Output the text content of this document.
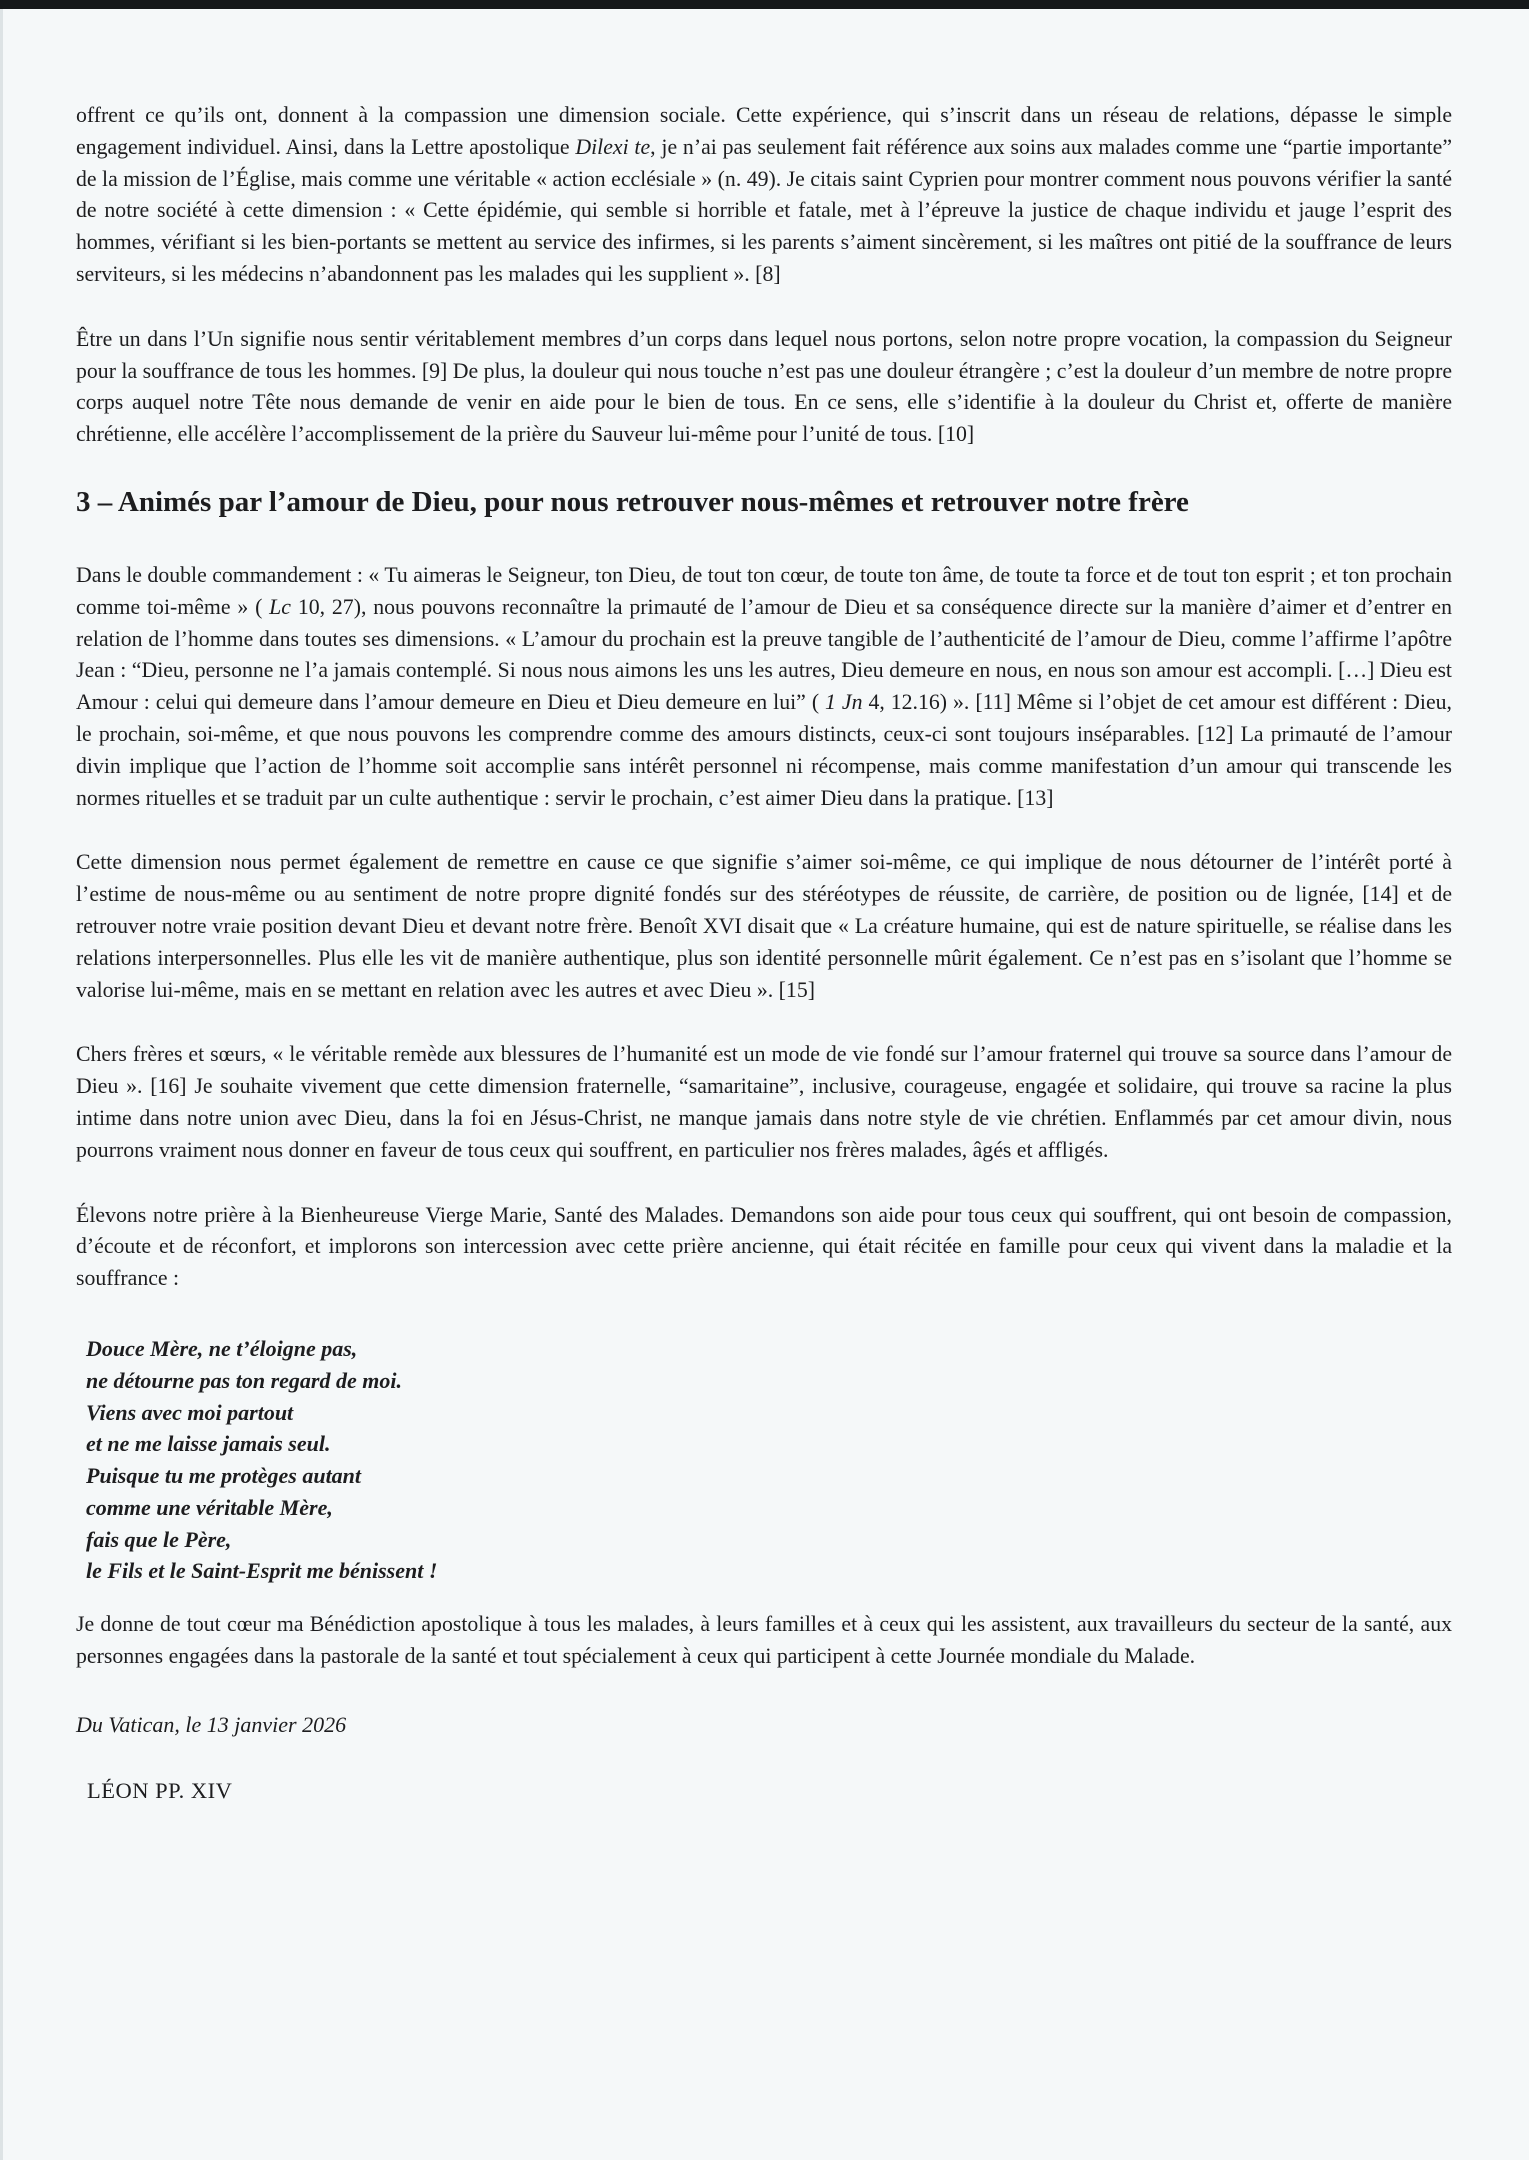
offrent ce qu’ils ont, donnent à la compassion une dimension sociale. Cette expérience, qui s’inscrit dans un réseau de relations, dépasse le simple engagement individuel. Ainsi, dans la Lettre apostolique Dilexi te, je n’ai pas seulement fait référence aux soins aux malades comme une “partie importante” de la mission de l’Église, mais comme une véritable « action ecclésiale » (n. 49). Je citais saint Cyprien pour montrer comment nous pouvons vérifier la santé de notre société à cette dimension : « Cette épidémie, qui semble si horrible et fatale, met à l’épreuve la justice de chaque individu et jauge l’esprit des hommes, vérifiant si les bien-portants se mettent au service des infirmes, si les parents s’aiment sincèrement, si les maîtres ont pitié de la souffrance de leurs serviteurs, si les médecins n’abandonnent pas les malades qui les supplient ». [8]

Être un dans l’Un signifie nous sentir véritablement membres d’un corps dans lequel nous portons, selon notre propre vocation, la compassion du Seigneur pour la souffrance de tous les hommes. [9] De plus, la douleur qui nous touche n’est pas une douleur étrangère ; c’est la douleur d’un membre de notre propre corps auquel notre Tête nous demande de venir en aide pour le bien de tous. En ce sens, elle s’identifie à la douleur du Christ et, offerte de manière chrétienne, elle accélère l’accomplissement de la prière du Sauveur lui-même pour l’unité de tous. [10]

3 – Animés par l’amour de Dieu, pour nous retrouver nous-mêmes et retrouver notre frère

Dans le double commandement : « Tu aimeras le Seigneur, ton Dieu, de tout ton cœur, de toute ton âme, de toute ta force et de tout ton esprit ; et ton prochain comme toi-même » ( Lc 10, 27), nous pouvons reconnaître la primauté de l’amour de Dieu et sa conséquence directe sur la manière d’aimer et d’entrer en relation de l’homme dans toutes ses dimensions. « L’amour du prochain est la preuve tangible de l’authenticité de l’amour de Dieu, comme l’affirme l’apôtre Jean : “Dieu, personne ne l’a jamais contemplé. Si nous nous aimons les uns les autres, Dieu demeure en nous, en nous son amour est accompli. […] Dieu est Amour : celui qui demeure dans l’amour demeure en Dieu et Dieu demeure en lui” ( 1 Jn 4, 12.16) ». [11] Même si l’objet de cet amour est différent : Dieu, le prochain, soi-même, et que nous pouvons les comprendre comme des amours distincts, ceux-ci sont toujours inséparables. [12] La primauté de l’amour divin implique que l’action de l’homme soit accomplie sans intérêt personnel ni récompense, mais comme manifestation d’un amour qui transcende les normes rituelles et se traduit par un culte authentique : servir le prochain, c’est aimer Dieu dans la pratique. [13]

Cette dimension nous permet également de remettre en cause ce que signifie s’aimer soi-même, ce qui implique de nous détourner de l’intérêt porté à l’estime de nous-même ou au sentiment de notre propre dignité fondés sur des stéréotypes de réussite, de carrière, de position ou de lignée, [14] et de retrouver notre vraie position devant Dieu et devant notre frère. Benoît XVI disait que « La créature humaine, qui est de nature spirituelle, se réalise dans les relations interpersonnelles. Plus elle les vit de manière authentique, plus son identité personnelle mûrit également. Ce n’est pas en s’isolant que l’homme se valorise lui-même, mais en se mettant en relation avec les autres et avec Dieu ». [15]

Chers frères et sœurs, « le véritable remède aux blessures de l’humanité est un mode de vie fondé sur l’amour fraternel qui trouve sa source dans l’amour de Dieu ». [16] Je souhaite vivement que cette dimension fraternelle, “samaritaine”, inclusive, courageuse, engagée et solidaire, qui trouve sa racine la plus intime dans notre union avec Dieu, dans la foi en Jésus-Christ, ne manque jamais dans notre style de vie chrétien. Enflammés par cet amour divin, nous pourrons vraiment nous donner en faveur de tous ceux qui souffrent, en particulier nos frères malades, âgés et affligés.

Élevons notre prière à la Bienheureuse Vierge Marie, Santé des Malades. Demandons son aide pour tous ceux qui souffrent, qui ont besoin de compassion, d’écoute et de réconfort, et implorons son intercession avec cette prière ancienne, qui était récitée en famille pour ceux qui vivent dans la maladie et la souffrance :

Douce Mère, ne t’éloigne pas,

ne détourne pas ton regard de moi.

Viens avec moi partout

et ne me laisse jamais seul.

Puisque tu me protèges autant

comme une véritable Mère,

fais que le Père,

le Fils et le Saint-Esprit me bénissent !

Je donne de tout cœur ma Bénédiction apostolique à tous les malades, à leurs familles et à ceux qui les assistent, aux travailleurs du secteur de la santé, aux personnes engagées dans la pastorale de la santé et tout spécialement à ceux qui participent à cette Journée mondiale du Malade.

Du Vatican, le 13 janvier 2026

LÉON PP. XIV
